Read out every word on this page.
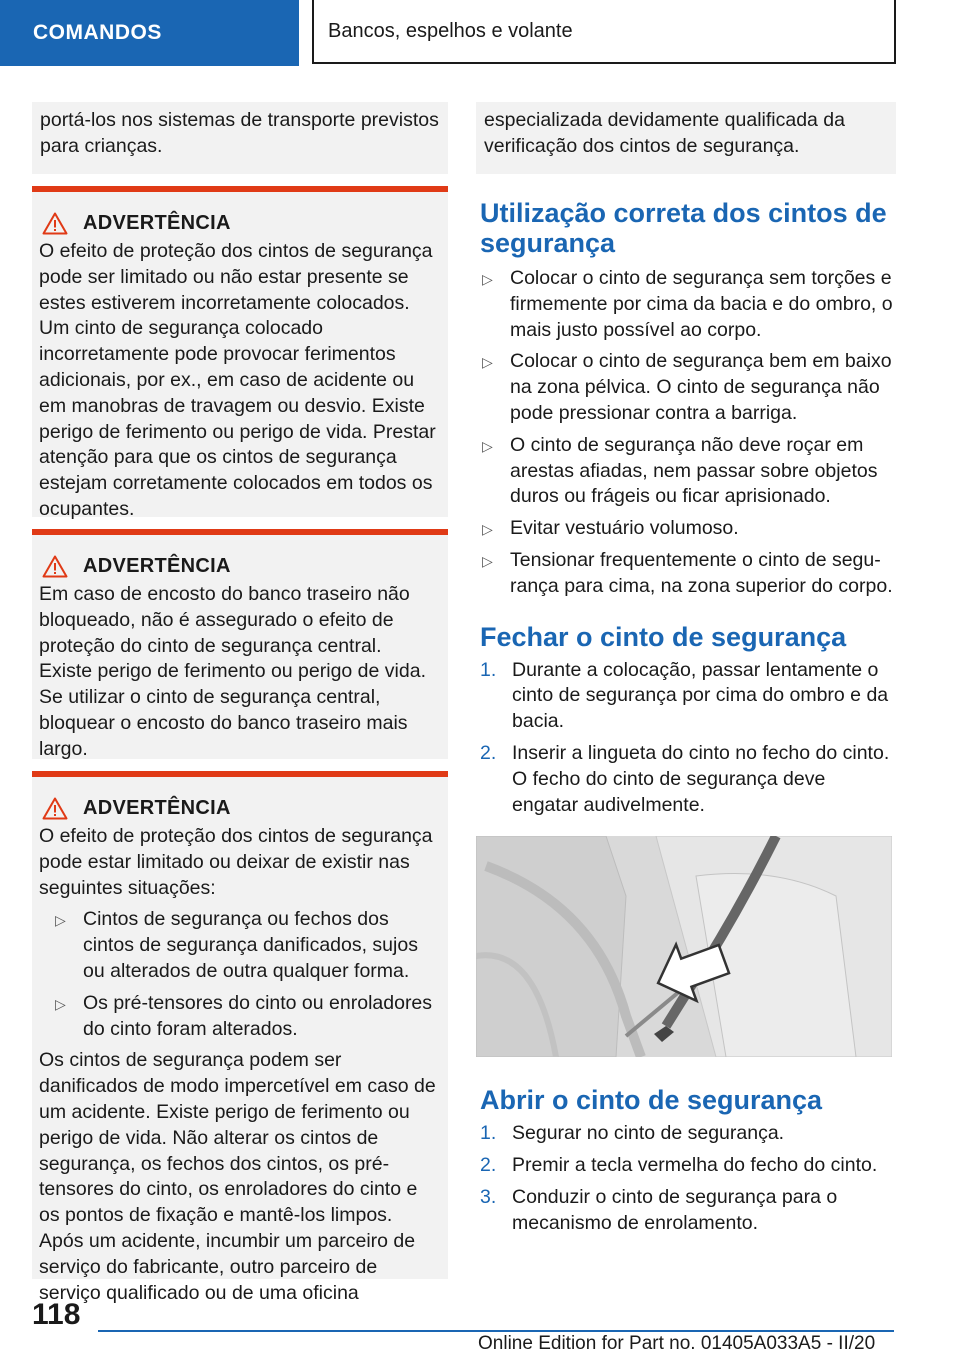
COMANDOS	Bancos, espelhos e volante

portá-los nos sistemas de transporte previstos para crianças.

ADVERTÊNCIA

O efeito de proteção dos cintos de segurança pode ser limitado ou não estar presente se estes estiverem incorretamente colocados. Um cinto de segurança colocado incorretamente pode provocar ferimentos adicionais, por ex., em caso de acidente ou em manobras de travagem ou desvio. Existe perigo de ferimento ou perigo de vida. Prestar atenção para que os cintos de segurança estejam corretamente colocados em todos os ocupantes.

ADVERTÊNCIA

Em caso de encosto do banco traseiro não bloqueado, não é assegurado o efeito de proteção do cinto de segurança central. Existe perigo de ferimento ou perigo de vida. Se utilizar o cinto de segurança central, bloquear o encosto do banco traseiro mais largo.

ADVERTÊNCIA

O efeito de proteção dos cintos de segurança pode estar limitado ou deixar de existir nas seguintes situações:

▷ Cintos de segurança ou fechos dos cintos de segurança danificados, sujos ou alterados de outra qualquer forma.
▷ Os pré-tensores do cinto ou enroladores do cinto foram alterados.

Os cintos de segurança podem ser danificados de modo impercetível em caso de um acidente. Existe perigo de ferimento ou perigo de vida. Não alterar os cintos de segurança, os fechos dos cintos, os pré-tensores do cinto, os enroladores do cinto e os pontos de fixação e mantê-los limpos. Após um acidente, incumbir um parceiro de serviço do fabricante, outro parceiro de serviço qualificado ou de uma oficina

especializada devidamente qualificada da verificação dos cintos de segurança.

Utilização correta dos cintos de segurança
▷ Colocar o cinto de segurança sem torções e firmemente por cima da bacia e do ombro, o mais justo possível ao corpo.
▷ Colocar o cinto de segurança bem em baixo na zona pélvica. O cinto de segurança não pode pressionar contra a barriga.
▷ O cinto de segurança não deve roçar em arestas afiadas, nem passar sobre objetos duros ou frágeis ou ficar aprisionado.
▷ Evitar vestuário volumoso.
▷ Tensionar frequentemente o cinto de segurança para cima, na zona superior do corpo.
Fechar o cinto de segurança
1. Durante a colocação, passar lentamente o cinto de segurança por cima do ombro e da bacia.
2. Inserir a lingueta do cinto no fecho do cinto. O fecho do cinto de segurança deve engatar audivelmente.
Abrir o cinto de segurança
1. Segurar no cinto de segurança.
2. Premir a tecla vermelha do fecho do cinto.
3. Conduzir o cinto de segurança para o mecanismo de enrolamento.
118
Online Edition for Part no. 01405A033A5 - II/20
